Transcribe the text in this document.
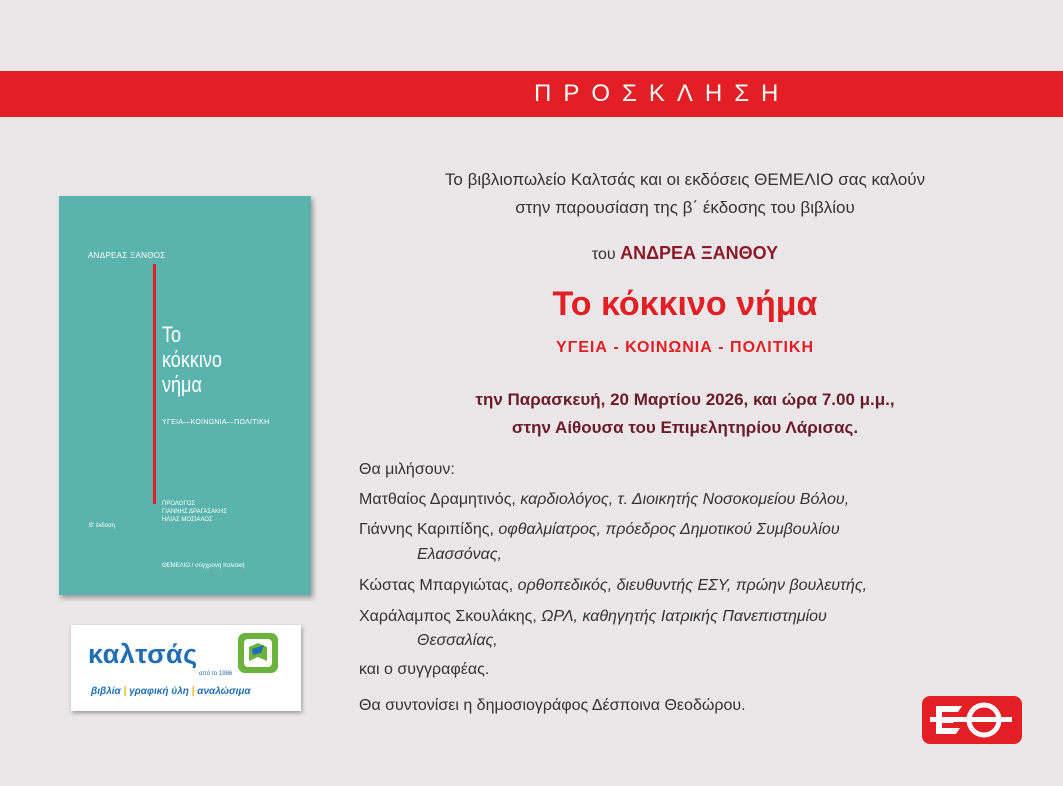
ΠΡΟΣΚΛΗΣΗ
ΑΝΔΡΕΑΣ ΞΑΝΘΟΣ
Το
κόκκινο
νήμα
ΥΓΕΙΑ—ΚΟΙΝΩΝΙΑ—ΠΟΛΙΤΙΚΗ
ΠΡΟΛΟΓΟΣ
ΓΙΑΝΝΗΣ ΔΡΑΓΑΣΑΚΗΣ
ΗΛΙΑΣ ΜΟΣΙΑΛΟΣ
Β' έκδοση
ΘΕΜΕΛΙΟ / σύγχρονη πολιτική
καλτσάς
από το 1986
βιβλία | γραφική ύλη | αναλώσιμα
Το βιβλιοπωλείο Καλτσάς και οι εκδόσεις ΘΕΜΕΛΙΟ σας καλούν
στην παρουσίαση της β΄ έκδοσης του βιβλίου
του ΑΝΔΡΕΑ ΞΑΝΘΟΥ
Το κόκκινο νήμα
ΥΓΕΙΑ - ΚΟΙΝΩΝΙΑ - ΠΟΛΙΤΙΚΗ
την Παρασκευή, 20 Μαρτίου 2026, και ώρα 7.00 μ.μ.,
στην Αίθουσα του Επιμελητηρίου Λάρισας.
Θα μιλήσουν:
Ματθαίος Δραμητινός, καρδιολόγος, τ. Διοικητής Νοσοκομείου Βόλου,
Γιάννης Καριπίδης, οφθαλμίατρος, πρόεδρος Δημοτικού Συμβουλίου
Ελασσόνας,
Κώστας Μπαργιώτας, ορθοπεδικός, διευθυντής ΕΣΥ, πρώην βουλευτής,
Χαράλαμπος Σκουλάκης, ΩΡΛ, καθηγητής Ιατρικής Πανεπιστημίου
Θεσσαλίας,
και ο συγγραφέας.
Θα συντονίσει η δημοσιογράφος Δέσποινα Θεοδώρου.
